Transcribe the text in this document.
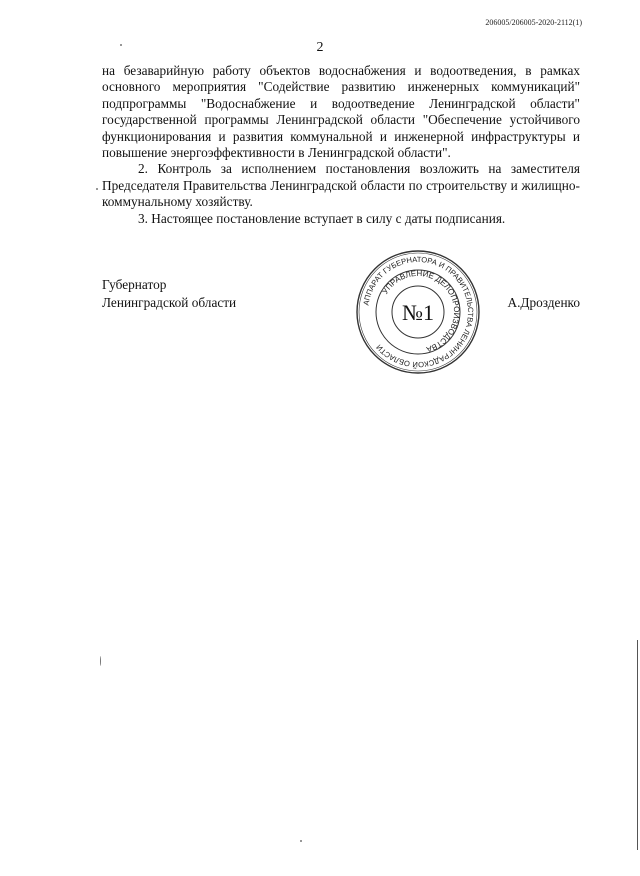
206005/206005-2020-2112(1)
2

на безаварийную работу объектов водоснабжения и водоотведения, в рамках основного мероприятия "Содействие развитию инженерных коммуникаций" подпрограммы "Водоснабжение и водоотведение Ленинградской области" государственной программы Ленинградской области "Обеспечение устойчивого функционирования и развития коммунальной и инженерной инфраструктуры и повышение энергоэффективности в Ленинградской области".

2. Контроль за исполнением постановления возложить на заместителя Председателя Правительства Ленинградской области по строительству и жилищно-коммунальному хозяйству.

3. Настоящее постановление вступает в силу с даты подписания.

Губернатор
Ленинградской области	АППАРАТ ГУБЕРНАТОРА И ПРАВИТЕЛЬСТВА ЛЕНИНГРАДСКОЙ ОБЛАСТИ
УПРАВЛЕНИЕ ДЕЛОПРОИЗВОДСТВА
№1	А.Дрозденко
